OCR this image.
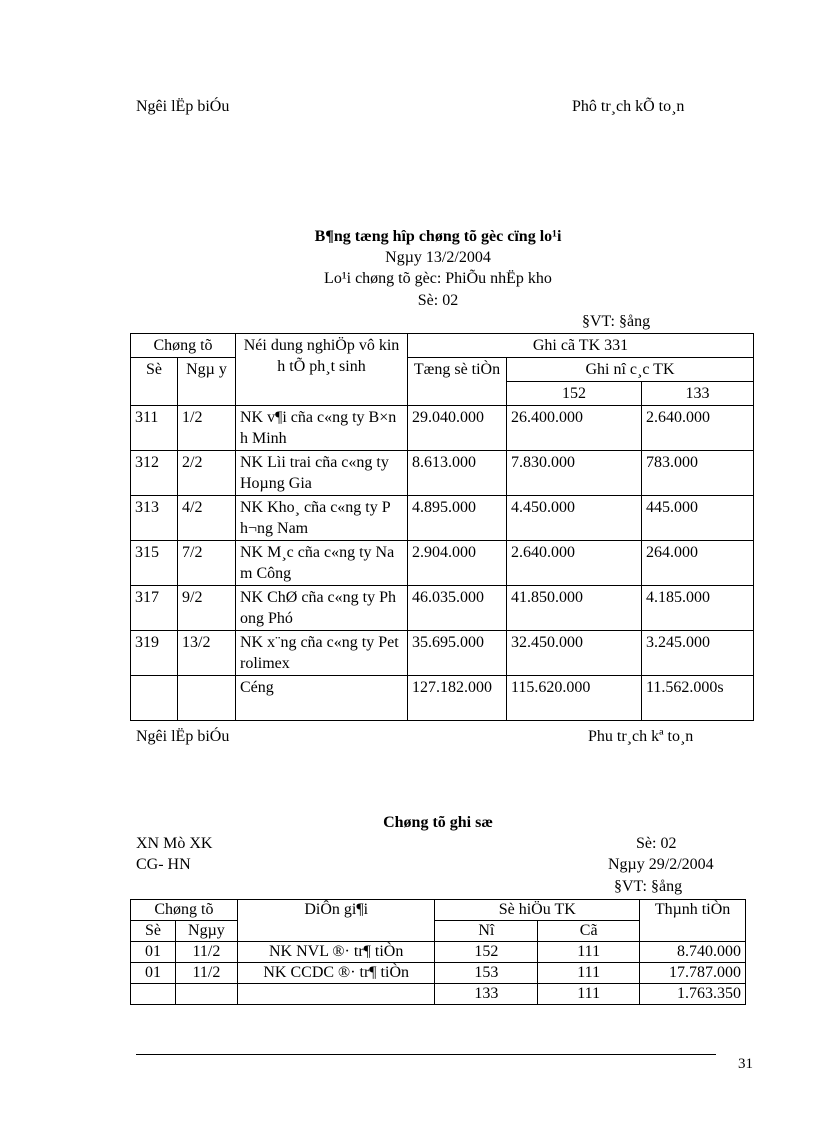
Ngêi lËp biÓu	Phô tr¸ch kÕ to¸n
B¶ng tæng hîp chøng tõ gèc cïng lo¹i
Ngµy 13/2/2004
Lo¹i chøng tõ gèc: PhiÕu nhËp kho
Sè: 02
§VT: §ång
Chøng tõ		Néi dung nghiÖp vô kinh tÕ ph¸t sinh	Ghi cã TK 331		
Sè	Ngµ y		Tæng sè tiÒn	Ghi nî c¸c TK	
				152	133
311	1/2	NK v¶i cña c«ng ty B×nh Minh	29.040.000	26.400.000	2.640.000
312	2/2	NK Lìi trai cña c«ng ty Hoµng Gia	8.613.000	7.830.000	783.000
313	4/2	NK Kho¸ cña c«ng ty Ph¬ng Nam	4.895.000	4.450.000	445.000
315	7/2	NK M¸c cña c«ng ty Nam Công	2.904.000	2.640.000	264.000
317	9/2	NK ChØ cña c«ng ty Phong Phó	46.035.000	41.850.000	4.185.000
319	13/2	NK x¨ng cña c«ng ty Petrolimex	35.695.000	32.450.000	3.245.000
		Céng	127.182.000	115.620.000	11.562.000s
Ngêi lËp biÓu	Phu tr¸ch kª to¸n
Chøng tõ ghi sæ
XN Mò XK	Sè: 02
CG- HN	Ngµy 29/2/2004
§VT: §ång
Chøng tõ		DiÔn gi¶i	Sè hiÖu TK		Thµnh tiÒn
Sè	Ngµy		Nî	Cã	
01	11/2	NK NVL ®· tr¶ tiÒn	152	111	8.740.000
01	11/2	NK CCDC ®· tr¶ tiÒn	153	111	17.787.000
			133	111	1.763.350
31
